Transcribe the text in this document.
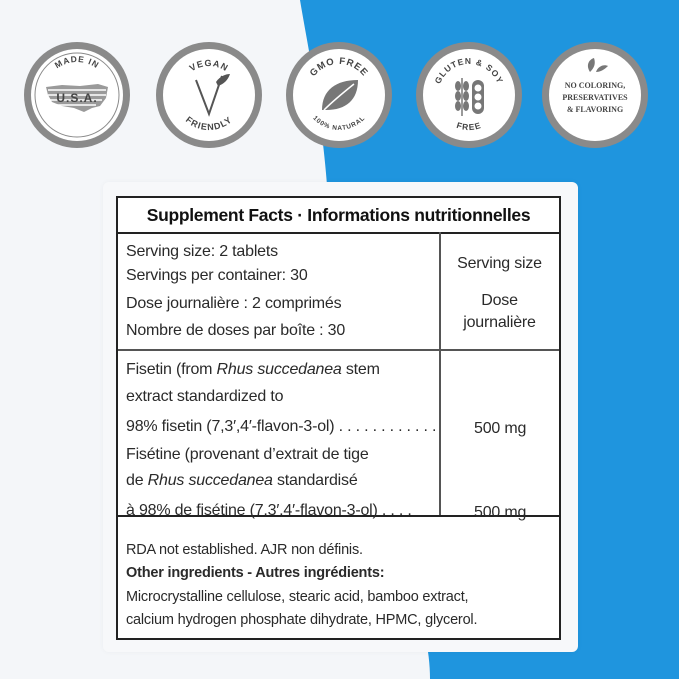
MADE IN
U.S.A.
VEGAN
FRIENDLY
GMO FREE
100% NATURAL
GLUTEN & SOY
FREE
NO COLORING,
PRESERVATIVES
& FLAVORING
Supplement Facts · Informations nutritionnelles
Serving size: 2 tablets
Servings per container: 30
Dose journalière : 2 comprimés
Nombre de doses par boîte : 30
Serving size
Dose
journalière
Fisetin (from Rhus succedanea stem
extract standardized to
98% fisetin (7,3′,4′-flavon-3-ol) . . . . . . . . . . . . 500 mg
Fisétine (provenant d’extrait de tige
de Rhus succedanea standardisé
à 98% de fisétine (7,3′,4′-flavon-3-ol) . . . .	500 mg
RDA not established. AJR non définis.
Other ingredients - Autres ingrédients:
Microcrystalline cellulose, stearic acid, bamboo extract,
calcium hydrogen phosphate dihydrate, HPMC, glycerol.
